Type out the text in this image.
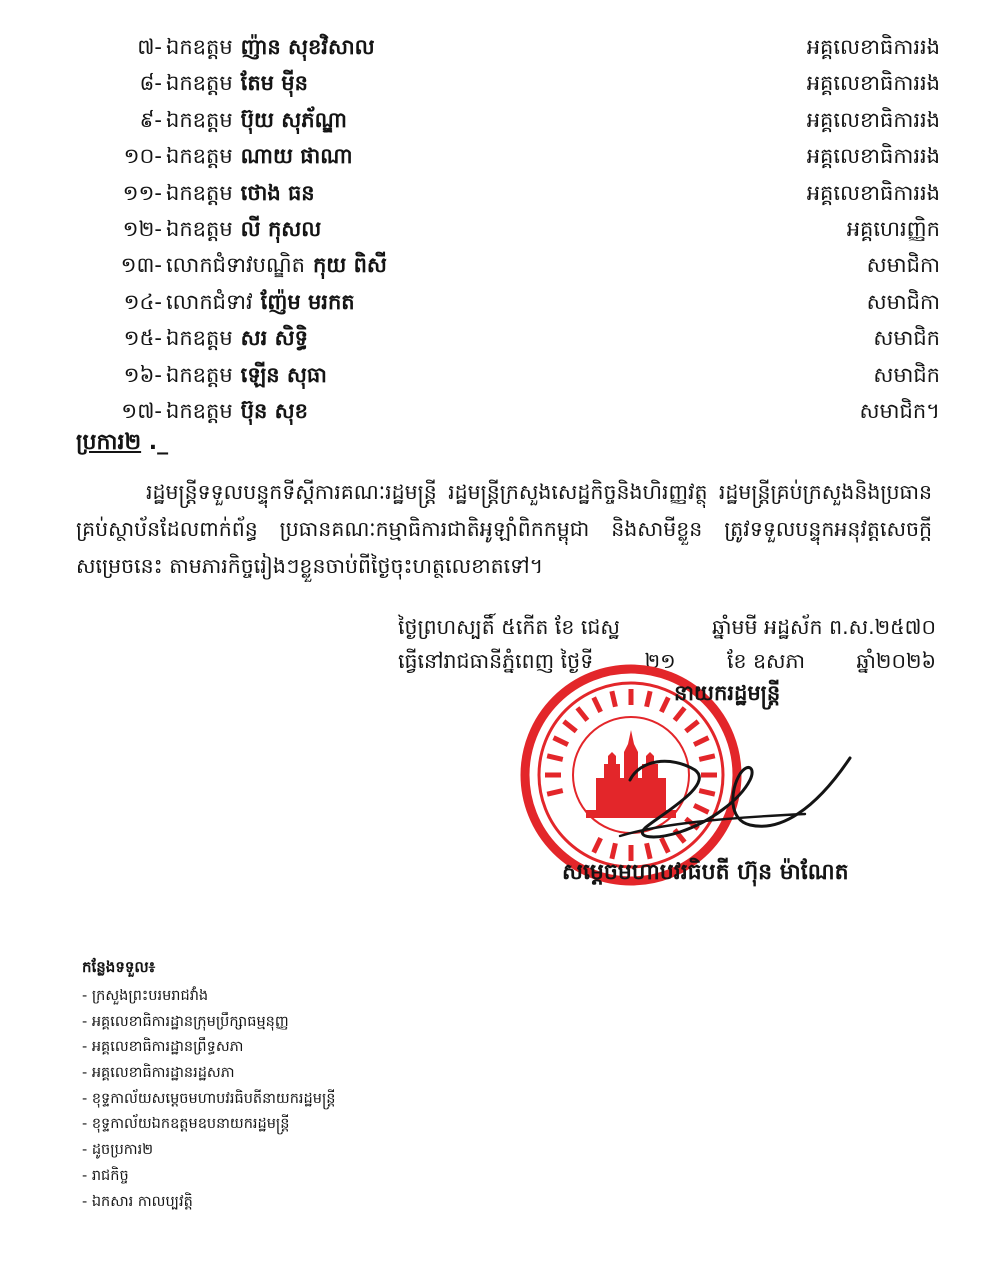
៧- ឯកឧត្តម ញ៉ាន សុខវិសាល	អគ្គលេខាធិការរង
៨- ឯកឧត្តម តែម មុីន	អគ្គលេខាធិការរង
៩- ឯកឧត្តម ប៊ុយ សុភ័ណ្ឌា	អគ្គលេខាធិការរង
១០- ឯកឧត្តម ណាយ ផាណា	អគ្គលេខាធិការរង
១១- ឯកឧត្តម ថោង ធន	អគ្គលេខាធិការរង
១២- ឯកឧត្តម លី កុសល	អគ្គហេរញ្ញិក
១៣- លោកជំទាវបណ្ឌិត កុយ ពិសី	សមាជិកា
១៤- លោកជំទាវ ញ៉ែម មរកត	សមាជិកា
១៥- ឯកឧត្តម សរ សិទ្ធិ	សមាជិក
១៦- ឯកឧត្តម ឡេីន សុធា	សមាជិក
១៧- ឯកឧត្តម ប៊ុន សុខ	សមាជិក។
ប្រការ២ ._
រដ្ឋមន្ត្រីទទួលបន្ទុកទីស្តីការគណៈរដ្ឋមន្ត្រី រដ្ឋមន្ត្រីក្រសួងសេដ្ឋកិច្ចនិងហិរញ្ញវត្ថុ រដ្ឋមន្ត្រីគ្រប់ក្រសួងនិងប្រធានគ្រប់ស្ថាប័នដែលពាក់ព័ន្ធ ប្រធានគណៈកម្មាធិការជាតិអូឡាំពិកកម្ពុជា និងសាមីខ្លួន ត្រូវទទួលបន្ទុកអនុវត្តសេចក្តីសម្រេចនេះ តាមភារកិច្ចរៀងៗខ្លួនចាប់ពីថ្ងៃចុះហត្ថលេខាតទៅ។
ថ្ងៃព្រហស្បតិ៍ ៥កើត ខែ ជេស្ឋ	ឆ្នាំមមី អដ្ឋស័ក ព.ស.២៥៧០
ធ្វើនៅរាជធានីភ្នំពេញ ថ្ងៃទី	២១	ខែ ឧសភា	ឆ្នាំ២០២៦
នាយករដ្ឋមន្ត្រី
សម្ដេចមហាបវរធិបតី ហ៊ុន ម៉ាណែត
កន្លែងទទួល៖
- ក្រសួងព្រះបរមរាជវាំង
- អគ្គលេខាធិការដ្ឋានក្រុមប្រឹក្សាធម្មនុញ្ញ
- អគ្គលេខាធិការដ្ឋានព្រឹទ្ធសភា
- អគ្គលេខាធិការដ្ឋានរដ្ឋសភា
- ខុទ្ទកាល័យសម្ដេចមហាបវរធិបតីនាយករដ្ឋមន្ត្រី
- ខុទ្ទកាល័យឯកឧត្តមឧបនាយករដ្ឋមន្ត្រី
- ដូចប្រការ២
- រាជកិច្ច
- ឯកសារ កាលប្បវត្តិ
